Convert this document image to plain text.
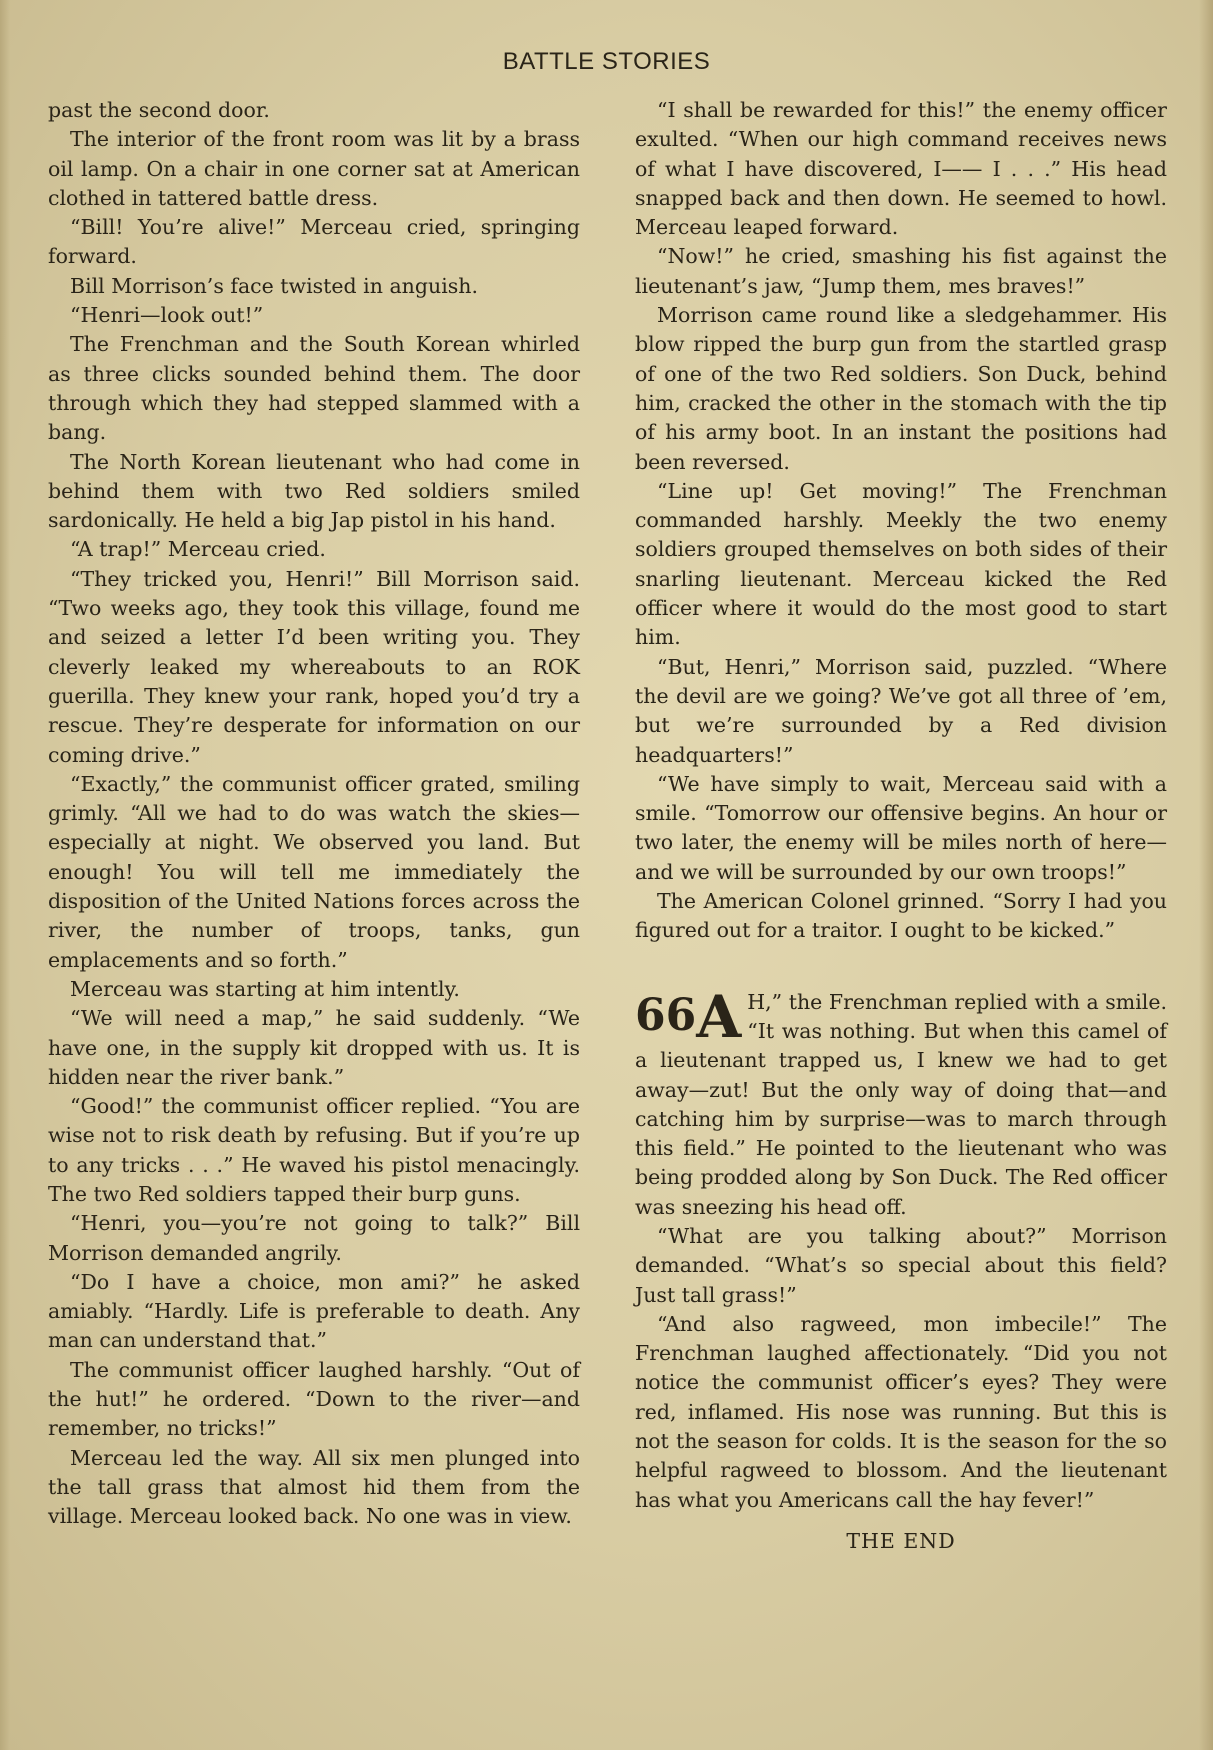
BATTLE STORIES

past the second door.

The interior of the front room was lit by a brass oil lamp. On a chair in one corner sat at American clothed in tattered battle dress.

“Bill! You’re alive!” Merceau cried, springing forward.

Bill Morrison’s face twisted in anguish.

“Henri—look out!”

The Frenchman and the South Korean whirled as three clicks sounded behind them. The door through which they had stepped slammed with a bang.

The North Korean lieutenant who had come in behind them with two Red soldiers smiled sardonically. He held a big Jap pistol in his hand.

“A trap!” Merceau cried.

“They tricked you, Henri!” Bill Morrison said. “Two weeks ago, they took this village, found me and seized a letter I’d been writing you. They cleverly leaked my whereabouts to an ROK guerilla. They knew your rank, hoped you’d try a rescue. They’re desperate for information on our coming drive.”

“Exactly,” the communist officer grated, smiling grimly. “All we had to do was watch the skies—especially at night. We observed you land. But enough! You will tell me immediately the disposition of the United Nations forces across the river, the number of troops, tanks, gun emplacements and so forth.”

Merceau was starting at him intently.

“We will need a map,” he said suddenly. “We have one, in the supply kit dropped with us. It is hidden near the river bank.”

“Good!” the communist officer replied. “You are wise not to risk death by refusing. But if you’re up to any tricks . . .” He waved his pistol menacingly. The two Red soldiers tapped their burp guns.

“Henri, you—you’re not going to talk?” Bill Morrison demanded angrily.

“Do I have a choice, mon ami?” he asked amiably. “Hardly. Life is preferable to death. Any man can understand that.”

The communist officer laughed harshly. “Out of the hut!” he ordered. “Down to the river—and remember, no tricks!”

Merceau led the way. All six men plunged into the tall grass that almost hid them from the village. Merceau looked back. No one was in view.

“I shall be rewarded for this!” the enemy officer exulted. “When our high command receives news of what I have discovered, I—— I . . .” His head snapped back and then down. He seemed to howl. Merceau leaped forward.

“Now!” he cried, smashing his fist against the lieutenant’s jaw, “Jump them, mes braves!”

Morrison came round like a sledgehammer. His blow ripped the burp gun from the startled grasp of one of the two Red soldiers. Son Duck, behind him, cracked the other in the stomach with the tip of his army boot. In an instant the positions had been reversed.

“Line up! Get moving!” The Frenchman commanded harshly. Meekly the two enemy soldiers grouped themselves on both sides of their snarling lieutenant. Merceau kicked the Red officer where it would do the most good to start him.

“But, Henri,” Morrison said, puzzled. “Where the devil are we going? We’ve got all three of ’em, but we’re surrounded by a Red division headquarters!”

“We have simply to wait, Merceau said with a smile. “Tomorrow our offensive begins. An hour or two later, the enemy will be miles north of here—and we will be surrounded by our own troops!”

The American Colonel grinned. “Sorry I had you figured out for a traitor. I ought to be kicked.”

66 A H,” the Frenchman replied with a smile. “It was nothing. But when this camel of a lieutenant trapped us, I knew we had to get away—zut! But the only way of doing that—and catching him by surprise—was to march through this field.” He pointed to the lieutenant who was being prodded along by Son Duck. The Red officer was sneezing his head off.

“What are you talking about?” Morrison demanded. “What’s so special about this field? Just tall grass!”

“And also ragweed, mon imbecile!” The Frenchman laughed affectionately. “Did you not notice the communist officer’s eyes? They were red, inflamed. His nose was running. But this is not the season for colds. It is the season for the so helpful ragweed to blossom. And the lieutenant has what you Americans call the hay fever!”

THE END
